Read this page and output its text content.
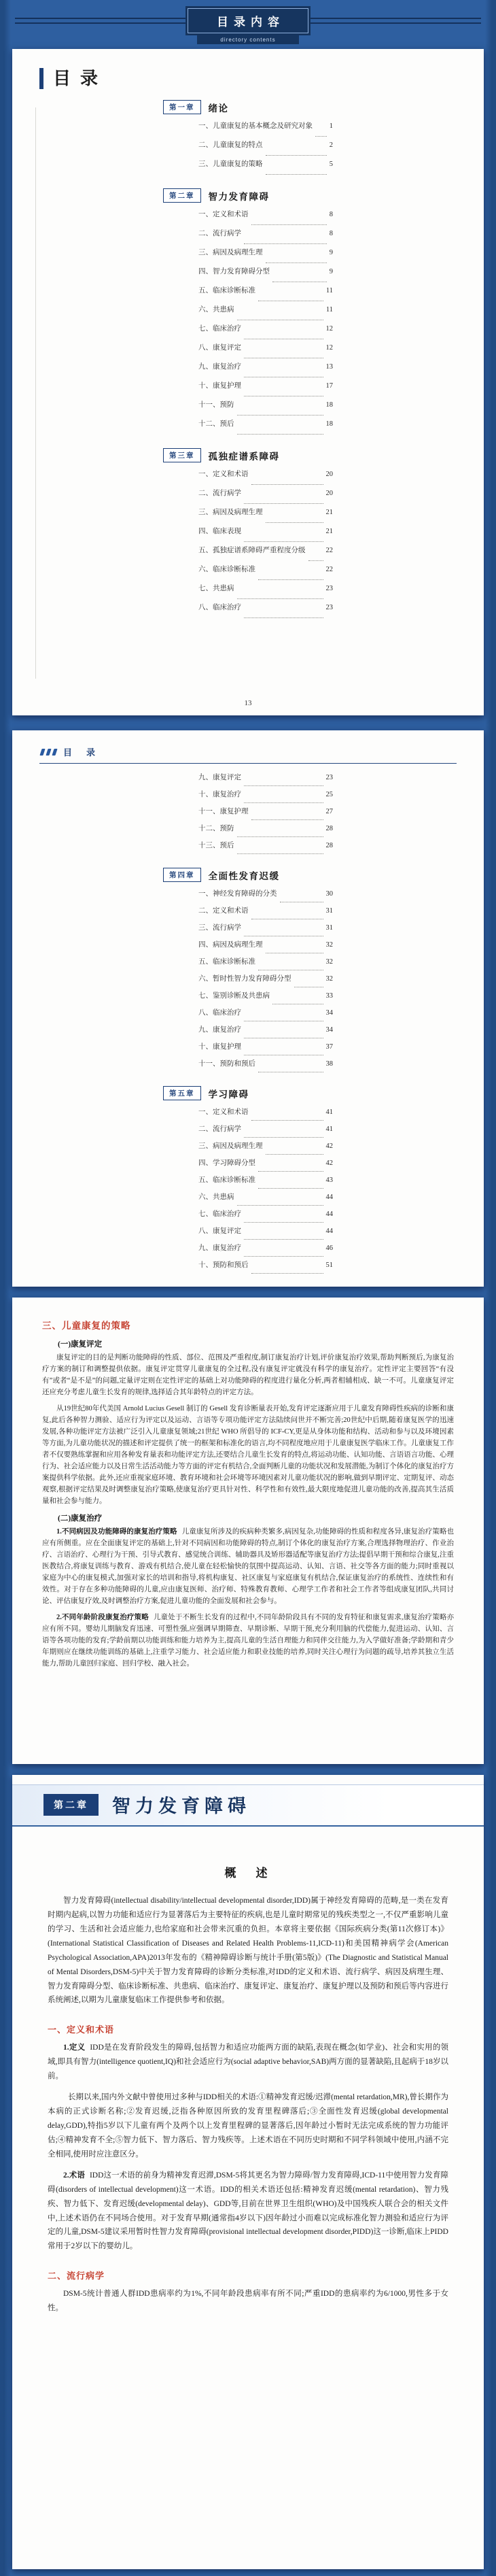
目录内容
directory contents
目录
第一章	绪论
一、儿童康复的基本概念及研究对象 1
二、儿童康复的特点	2
三、儿童康复的策略	5
第二章	智力发育障碍
一、定义和术语	8
二、流行病学	8
三、病因及病理生理	9
四、智力发育障碍分型	9
五、临床诊断标准	11
六、共患病	11
七、临床治疗	12
八、康复评定	12
九、康复治疗	13
十、康复护理	17
十一、预防	18
十二、预后	18
第三章	孤独症谱系障碍
一、定义和术语	20
二、流行病学	20
三、病因及病理生理	21
四、临床表现	21
五、孤独症谱系障碍严重程度分级	22
六、临床诊断标准	22
七、共患病	23
八、临床治疗	23
13
目　录
九、康复评定	23
十、康复治疗	25
十一、康复护理	27
十二、预防	28
十三、预后	28
第四章	全面性发育迟缓
一、神经发育障碍的分类	30
二、定义和术语	31
三、流行病学	31
四、病因及病理生理	32
五、临床诊断标准	32
六、暂时性智力发育障碍分型	32
七、鉴别诊断及共患病	33
八、临床治疗	34
九、康复治疗	34
十、康复护理	37
十一、预防和预后	38
第五章	学习障碍
一、定义和术语	41
二、流行病学	41
三、病因及病理生理	42
四、学习障碍分型	42
五、临床诊断标准	43
六、共患病	44
七、临床治疗	44
八、康复评定	44
九、康复治疗	46
十、预防和预后	51
三、儿童康复的策略
(一)康复评定

康复评定的目的是判断功能障碍的性质、部位、范围及严重程度,制订康复治疗计划,评价康复治疗效果,帮助判断预后,为康复治疗方案的制订和调整提供依据。康复评定贯穿儿童康复的全过程,没有康复评定就没有科学的康复治疗。定性评定主要回答“有没有”或者“是不是”的问题,定量评定则在定性评定的基础上对功能障碍的程度进行量化分析,两者相辅相成、缺一不可。儿童康复评定还应充分考虑儿童生长发育的规律,选择适合其年龄特点的评定方法。

从19世纪80年代美国 Arnold Lucius Gesell 制订的 Gesell 发育诊断量表开始,发育评定逐渐应用于儿童发育障碍性疾病的诊断和康复,此后各种智力测验、适应行为评定以及运动、言语等专项功能评定方法陆续问世并不断完善;20世纪中后期,随着康复医学的迅速发展,各种功能评定方法被广泛引入儿童康复领域;21世纪 WHO 所倡导的 ICF-CY,更是从身体功能和结构、活动和参与以及环境因素等方面,为儿童功能状况的描述和评定提供了统一的框架和标准化的语言,均不同程度地应用于儿童康复医学临床工作。儿童康复工作者不仅要熟练掌握和应用各种发育量表和功能评定方法,还要结合儿童生长发育的特点,将运动功能、认知功能、言语语言功能、心理行为、社会适应能力以及日常生活活动能力等方面的评定有机结合,全面判断儿童的功能状况和发展潜能,为制订个体化的康复治疗方案提供科学依据。此外,还应重视家庭环境、教育环境和社会环境等环境因素对儿童功能状况的影响,做到早期评定、定期复评、动态观察,根据评定结果及时调整康复治疗策略,使康复治疗更具针对性、科学性和有效性,最大限度地促进儿童功能的改善,提高其生活质量和社会参与能力。

(二)康复治疗

1.不同病因及功能障碍的康复治疗策略 儿童康复所涉及的疾病种类繁多,病因复杂,功能障碍的性质和程度各异,康复治疗策略也应有所侧重。应在全面康复评定的基础上,针对不同病因和功能障碍的特点,制订个体化的康复治疗方案,合理选择物理治疗、作业治疗、言语治疗、心理行为干预、引导式教育、感觉统合训练、辅助器具及矫形器适配等康复治疗方法;提倡早期干预和综合康复,注重医教结合,将康复训练与教育、游戏有机结合,使儿童在轻松愉快的氛围中提高运动、认知、言语、社交等各方面的能力;同时重视以家庭为中心的康复模式,加强对家长的培训和指导,将机构康复、社区康复与家庭康复有机结合,保证康复治疗的系统性、连续性和有效性。对于存在多种功能障碍的儿童,应由康复医师、治疗师、特殊教育教师、心理学工作者和社会工作者等组成康复团队,共同讨论、评估康复疗效,及时调整治疗方案,促进儿童功能的全面发展和社会参与。

2.不同年龄阶段康复治疗策略 儿童处于不断生长发育的过程中,不同年龄阶段具有不同的发育特征和康复需求,康复治疗策略亦应有所不同。婴幼儿期脑发育迅速、可塑性强,应强调早期筛查、早期诊断、早期干预,充分利用脑的代偿能力,促进运动、认知、言语等各项功能的发育;学龄前期以功能训练和能力培养为主,提高儿童的生活自理能力和同伴交往能力,为入学做好准备;学龄期和青少年期则应在继续功能训练的基础上,注重学习能力、社会适应能力和职业技能的培养,同时关注心理行为问题的疏导,培养其独立生活能力,帮助儿童回归家庭、回归学校、融入社会。

第二章	智力发育障碍
概　述

智力发育障碍(intellectual disability/intellectual developmental disorder,IDD)属于神经发育障碍的范畴,是一类在发育时期内起病,以智力功能和适应行为显著落后为主要特征的疾病,也是儿童时期常见的残疾类型之一,不仅严重影响儿童的学习、生活和社会适应能力,也给家庭和社会带来沉重的负担。本章将主要依据《国际疾病分类(第11次修订本)》(International Statistical Classification of Diseases and Related Health Problems-11,ICD-11)和美国精神病学会(American Psychological Association,APA)2013年发布的《精神障碍诊断与统计手册(第5版)》(The Diagnostic and Statistical Manual of Mental Disorders,DSM-5)中关于智力发育障碍的诊断分类标准,对IDD的定义和术语、流行病学、病因及病理生理、智力发育障碍分型、临床诊断标准、共患病、临床治疗、康复评定、康复治疗、康复护理以及预防和预后等内容进行系统阐述,以期为儿童康复临床工作提供参考和依据。

一、定义和术语

1.定义 IDD是在发育阶段发生的障碍,包括智力和适应功能两方面的缺陷,表现在概念(如学业)、社会和实用的领域,即具有智力(intelligence quotient,IQ)和社会适应行为(social adaptive behavior,SAB)两方面的显著缺陷,且起病于18岁以前。

长期以来,国内外文献中曾使用过多种与IDD相关的术语:①精神发育迟缓/迟滞(mental retardation,MR),曾长期作为本病的正式诊断名称;②发育迟缓,泛指各种原因所致的发育里程碑落后;③全面性发育迟缓(global developmental delay,GDD),特指5岁以下儿童有两个及两个以上发育里程碑的显著落后,因年龄过小暂时无法完成系统的智力功能评估;④精神发育不全;⑤智力低下、智力落后、智力残疾等。上述术语在不同历史时期和不同学科领域中使用,内涵不完全相同,使用时应注意区分。

2.术语 IDD这一术语的前身为精神发育迟滞,DSM-5将其更名为智力障碍/智力发育障碍,ICD-11中使用智力发育障碍(disorders of intellectual development)这一术语。IDD的相关术语还包括:精神发育迟缓(mental retardation)、智力残疾、智力低下、发育迟缓(developmental delay)、GDD等,目前在世界卫生组织(WHO)及中国残疾人联合会的相关文件中,上述术语仍在不同场合使用。对于发育早期(通常指4岁以下)因年龄过小而难以完成标准化智力测验和适应行为评定的儿童,DSM-5建议采用暂时性智力发育障碍(provisional intellectual development disorder,PIDD)这一诊断,临床上PIDD常用于2岁以下的婴幼儿。

二、流行病学

DSM-5统计普通人群IDD患病率约为1%,不同年龄段患病率有所不同;严重IDD的患病率约为6/1000,男性多于女性。
